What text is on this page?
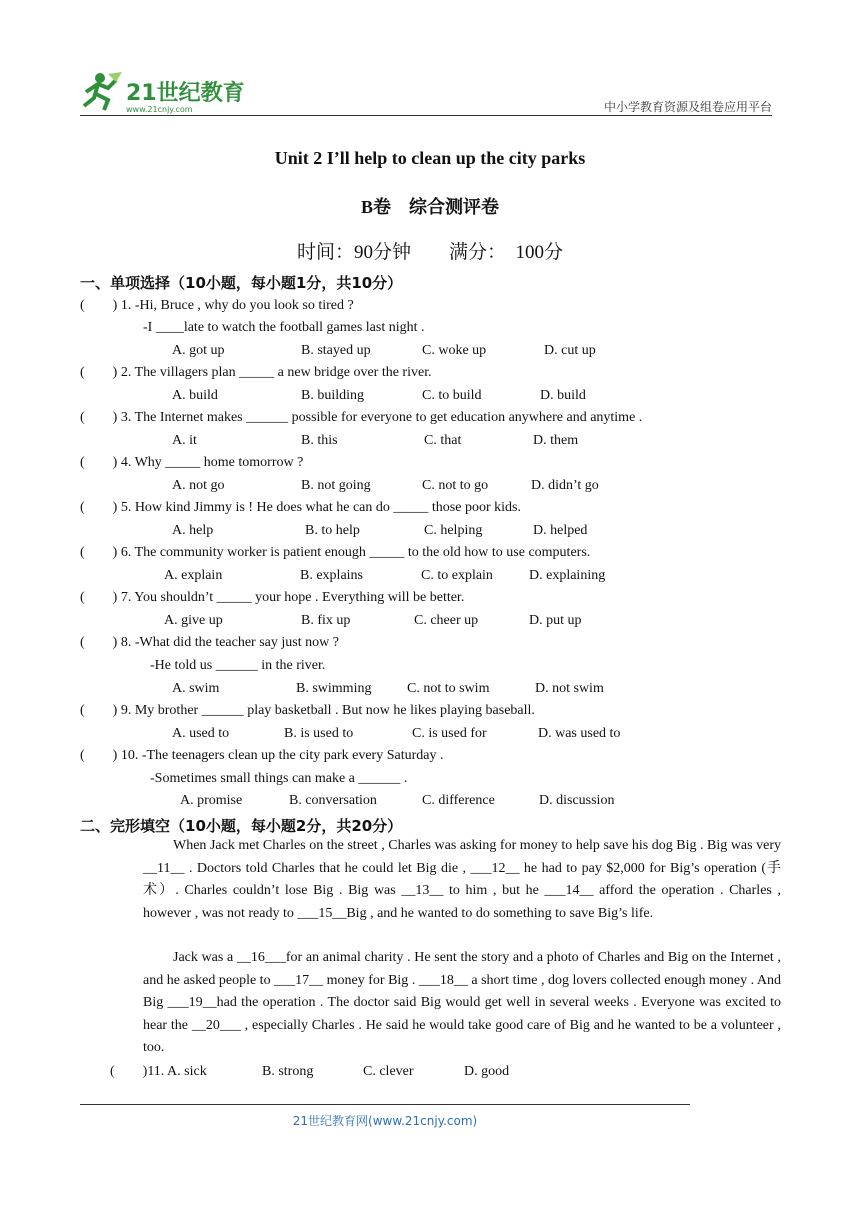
21世纪教育
www.21cnjy.com	中小学教育资源及组卷应用平台
Unit 2 I’ll help to clean up the city parks
B卷　综合测评卷
时间：90分钟　　满分：　100分
一、单项选择（10小题，每小题1分，共10分）
(　　) 1. -Hi, Bruce , why do you look so tired ?
-I ____late to watch the football games last night .
A. got up	B. stayed up	C. woke up	D. cut up
(　　) 2. The villagers plan _____ a new bridge over the river.
A. build	B. building	C. to build	D. build
(　　) 3. The Internet makes ______ possible for everyone to get education anywhere and anytime .
A. it	B. this	C. that	D. them
(　　) 4. Why _____ home tomorrow ?
A. not go	B. not going	C. not to go	D. didn’t go
(　　) 5. How kind Jimmy is ! He does what he can do _____ those poor kids.
A. help	B. to help	C. helping	D. helped
(　　) 6. The community worker is patient enough _____ to the old how to use computers.
A. explain	B. explains	C. to explain	D. explaining
(　　) 7. You shouldn’t _____ your hope . Everything will be better.
A. give up	B. fix up	C. cheer up	D. put up
(　　) 8. -What did the teacher say just now ?
-He told us ______ in the river.
A. swim	B. swimming	C. not to swim	D. not swim
(　　) 9. My brother ______ play basketball . But now he likes playing baseball.
A. used to	B. is used to	C. is used for	D. was used to
(　　) 10. -The teenagers clean up the city park every Saturday .
-Sometimes small things can make a ______ .
A. promise	B. conversation	C. difference	D. discussion
二、完形填空（10小题，每小题2分，共20分）
When Jack met Charles on the street , Charles was asking for money to help save his dog Big . Big was very __11__ . Doctors told Charles that he could let Big die , ___12__ he had to pay $2,000 for Big’s operation (手术）. Charles couldn’t lose Big . Big was __13__ to him , but he ___14__ afford the operation . Charles , however , was not ready to ___15__Big , and he wanted to do something to save Big’s life.
Jack was a __16___for an animal charity . He sent the story and a photo of Charles and Big on the Internet , and he asked people to ___17__ money for Big . ___18__ a short time , dog lovers collected enough money . And Big ___19__had the operation . The doctor said Big would get well in several weeks . Everyone was excited to hear the __20___ , especially Charles . He said he would take good care of Big and he wanted to be a volunteer , too.
(　　)11. A. sick	B. strong	C. clever	D. good
21世纪教育网(www.21cnjy.com)
